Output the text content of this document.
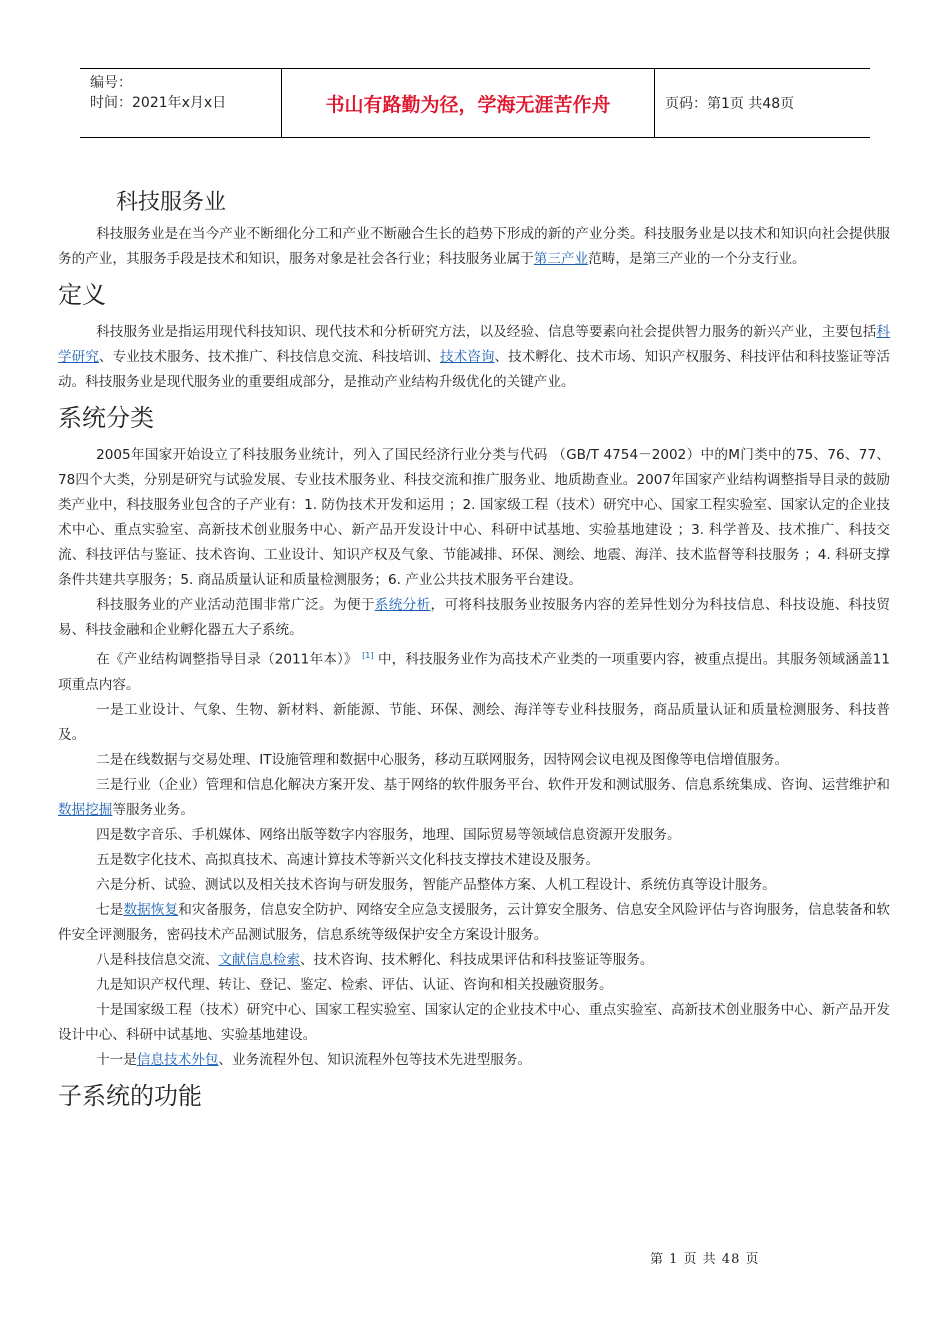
编号：
时间：2021年x月x日	书山有路勤为径，学海无涯苦作舟	页码：第1页 共48页
科技服务业

科技服务业是在当今产业不断细化分工和产业不断融合生长的趋势下形成的新的产业分类。科技服务业是以技术和知识向社会提供服务的产业，其服务手段是技术和知识，服务对象是社会各行业；科技服务业属于第三产业范畴，是第三产业的一个分支行业。

定义

科技服务业是指运用现代科技知识、现代技术和分析研究方法，以及经验、信息等要素向社会提供智力服务的新兴产业，主要包括科学研究、专业技术服务、技术推广、科技信息交流、科技培训、技术咨询、技术孵化、技术市场、知识产权服务、科技评估和科技鉴证等活动。科技服务业是现代服务业的重要组成部分，是推动产业结构升级优化的关键产业。

系统分类

2005年国家开始设立了科技服务业统计，列入了国民经济行业分类与代码 （GB/T 4754－2002）中的M门类中的75、76、77、78四个大类，分别是研究与试验发展、专业技术服务业、科技交流和推广服务业、地质勘查业。2007年国家产业结构调整指导目录的鼓励类产业中，科技服务业包含的子产业有：1. 防伪技术开发和运用 ；2. 国家级工程（技术）研究中心、国家工程实验室、国家认定的企业技术中心、重点实验室、高新技术创业服务中心、新产品开发设计中心、科研中试基地、实验基地建设 ；3. 科学普及、技术推广、科技交流、科技评估与鉴证、技术咨询、工业设计、知识产权及气象、节能减排、环保、测绘、地震、海洋、技术监督等科技服务 ；4. 科研支撑条件共建共享服务；5. 商品质量认证和质量检测服务；6. 产业公共技术服务平台建设。

科技服务业的产业活动范围非常广泛。为便于系统分析，可将科技服务业按服务内容的差异性划分为科技信息、科技设施、科技贸易、科技金融和企业孵化器五大子系统。

在《产业结构调整指导目录（2011年本）》 [1] 中，科技服务业作为高技术产业类的一项重要内容，被重点提出。其服务领域涵盖11项重点内容。

一是工业设计、气象、生物、新材料、新能源、节能、环保、测绘、海洋等专业科技服务，商品质量认证和质量检测服务、科技普及。

二是在线数据与交易处理、IT设施管理和数据中心服务，移动互联网服务，因特网会议电视及图像等电信增值服务。

三是行业（企业）管理和信息化解决方案开发、基于网络的软件服务平台、软件开发和测试服务、信息系统集成、咨询、运营维护和数据挖掘等服务业务。

四是数字音乐、手机媒体、网络出版等数字内容服务，地理、国际贸易等领域信息资源开发服务。

五是数字化技术、高拟真技术、高速计算技术等新兴文化科技支撑技术建设及服务。

六是分析、试验、测试以及相关技术咨询与研发服务，智能产品整体方案、人机工程设计、系统仿真等设计服务。

七是数据恢复和灾备服务，信息安全防护、网络安全应急支援服务，云计算安全服务、信息安全风险评估与咨询服务，信息装备和软件安全评测服务，密码技术产品测试服务，信息系统等级保护安全方案设计服务。

八是科技信息交流、文献信息检索、技术咨询、技术孵化、科技成果评估和科技鉴证等服务。

九是知识产权代理、转让、登记、鉴定、检索、评估、认证、咨询和相关投融资服务。

十是国家级工程（技术）研究中心、国家工程实验室、国家认定的企业技术中心、重点实验室、高新技术创业服务中心、新产品开发设计中心、科研中试基地、实验基地建设。

十一是信息技术外包、业务流程外包、知识流程外包等技术先进型服务。

子系统的功能
第 1 页 共 48 页
